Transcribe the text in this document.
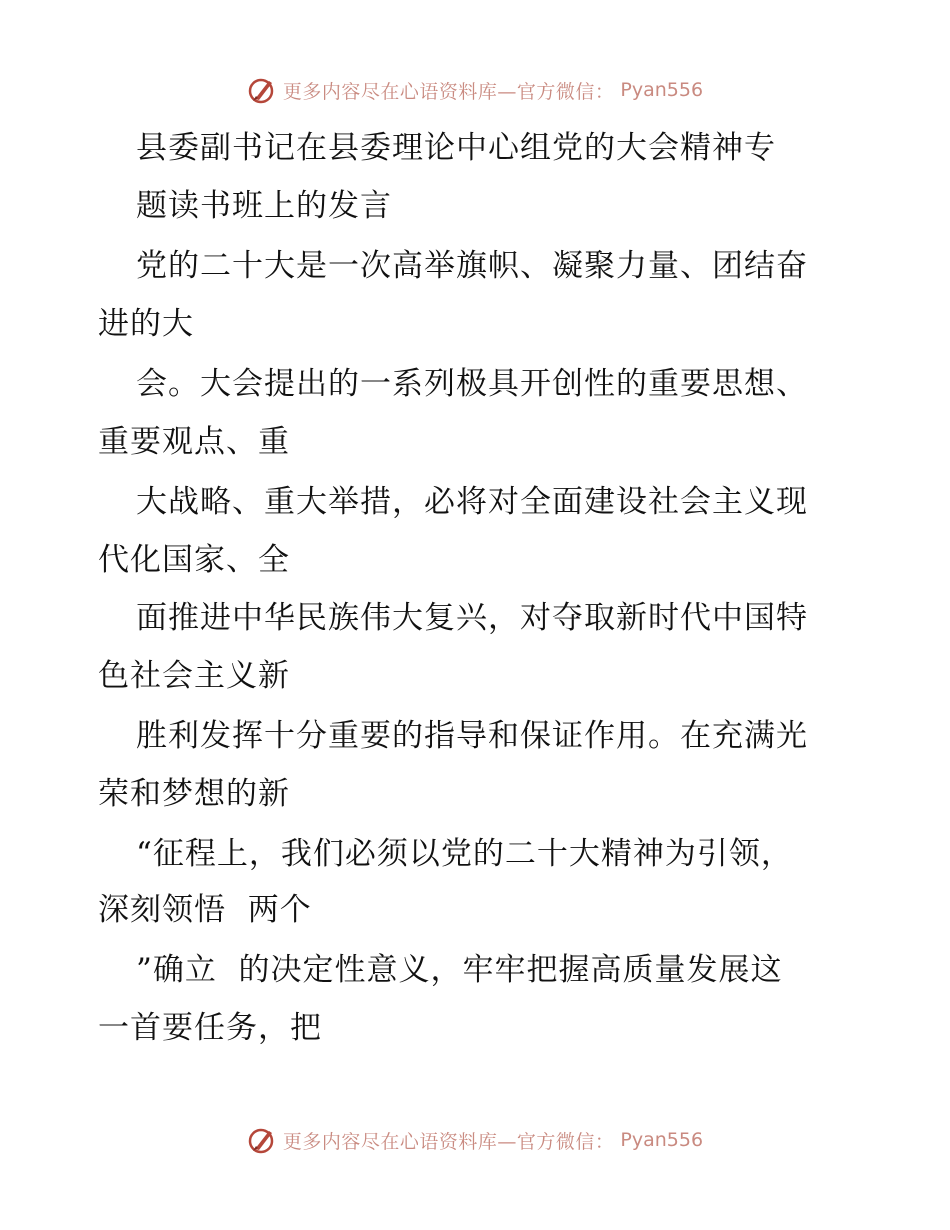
更多内容尽在心语资料库—官方微信： Pyan556
县委副书记在县委理论中心组党的大会精神专
题读书班上的发言
党的二十大是一次高举旗帜、凝聚力量、团结奋
进的大
会。大会提出的一系列极具开创性的重要思想、
重要观点、重
大战略、重大举措，必将对全面建设社会主义现
代化国家、全
面推进中华民族伟大复兴，对夺取新时代中国特
色社会主义新
胜利发挥十分重要的指导和保证作用。在充满光
荣和梦想的新
“征程上，我们必须以党的二十大精神为引领，
深刻领悟  两个
”确立  的决定性意义，牢牢把握高质量发展这
一首要任务，把
更多内容尽在心语资料库—官方微信： Pyan556
